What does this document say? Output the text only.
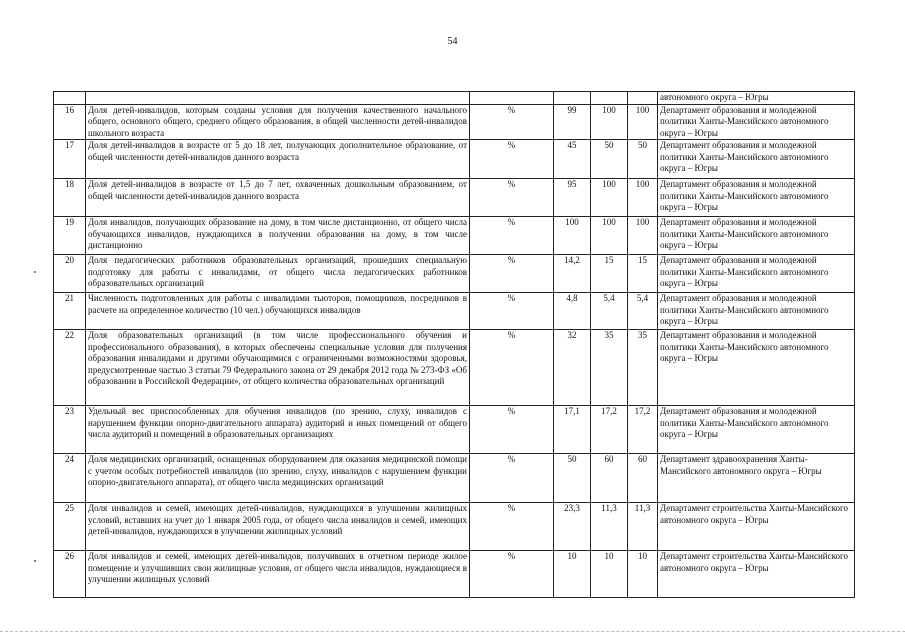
54
						автономного округа – Югры
16	Доля детей-инвалидов, которым созданы условия для получения качественного начального общего, основного общего, среднего общего образования, в общей численности детей-инвалидов школьного возраста	%	99	100	100	Департамент образования и молодежной политики Ханты-Мансийского автономного округа – Югры
17	Доля детей-инвалидов в возрасте от 5 до 18 лет, получающих дополнительное образование, от общей численности детей-инвалидов данного возраста	%	45	50	50	Департамент образования и молодежной политики Ханты-Мансийского автономного округа – Югры
18	Доля детей-инвалидов в возрасте от 1,5 до 7 лет, охваченных дошкольным образованием, от общей численности детей-инвалидов данного возраста	%	95	100	100	Департамент образования и молодежной политики Ханты-Мансийского автономного округа – Югры
19	Доля инвалидов, получающих образование на дому, в том числе дистанционно, от общего числа обучающихся инвалидов, нуждающихся в получении образования на дому, в том числе дистанционно	%	100	100	100	Департамент образования и молодежной политики Ханты-Мансийского автономного округа – Югры
20	Доля педагогических работников образовательных организаций, прошедших специальную подготовку для работы с инвалидами, от общего числа педагогических работников образовательных организаций	%	14,2	15	15	Департамент образования и молодежной политики Ханты-Мансийского автономного округа – Югры
21	Численность подготовленных для работы с инвалидами тьюторов, помощников, посредников в расчете на определенное количество (10 чел.) обучающихся инвалидов	%	4,8	5,4	5,4	Департамент образования и молодежной политики Ханты-Мансийского автономного округа – Югры
22	Доля образовательных организаций (в том числе профессионального обучения и профессионального образования), в которых обеспечены специальные условия для получения образования инвалидами и другими обучающимися с ограниченными возможностями здоровья, предусмотренные частью 3 статьи 79 Федерального закона от 29 декабря 2012 года № 273-ФЗ «Об образовании в Российской Федерации», от общего количества образовательных организаций	%	32	35	35	Департамент образования и молодежной политики Ханты-Мансийского автономного округа – Югры
23	Удельный вес приспособленных для обучения инвалидов (по зрению, слуху, инвалидов с нарушением функции опорно-двигательного аппарата) аудиторий и иных помещений от общего числа аудиторий и помещений в образовательных организациях	%	17,1	17,2	17,2	Департамент образования и молодежной политики Ханты-Мансийского автономного округа – Югры
24	Доля медицинских организаций, оснащенных оборудованием для оказания медицинской помощи с учетом особых потребностей инвалидов (по зрению, слуху, инвалидов с нарушением функции опорно-двигательного аппарата), от общего числа медицинских организаций	%	50	60	60	Департамент здравоохранения Ханты-Мансийского автономного округа – Югры
25	Доля инвалидов и семей, имеющих детей-инвалидов, нуждающихся в улучшении жилищных условий, вставших на учет до 1 января 2005 года, от общего числа инвалидов и семей, имеющих детей-инвалидов, нуждающихся в улучшении жилищных условий	%	23,3	11,3	11,3	Департамент строительства Ханты-Мансийского автономного округа – Югры
26	Доля инвалидов и семей, имеющих детей-инвалидов, получивших в отчетном периоде жилое помещение и улучшивших свои жилищные условия, от общего числа инвалидов, нуждающиеся в улучшении жилищных условий	%	10	10	10	Департамент строительства Ханты-Мансийского автономного округа – Югры
